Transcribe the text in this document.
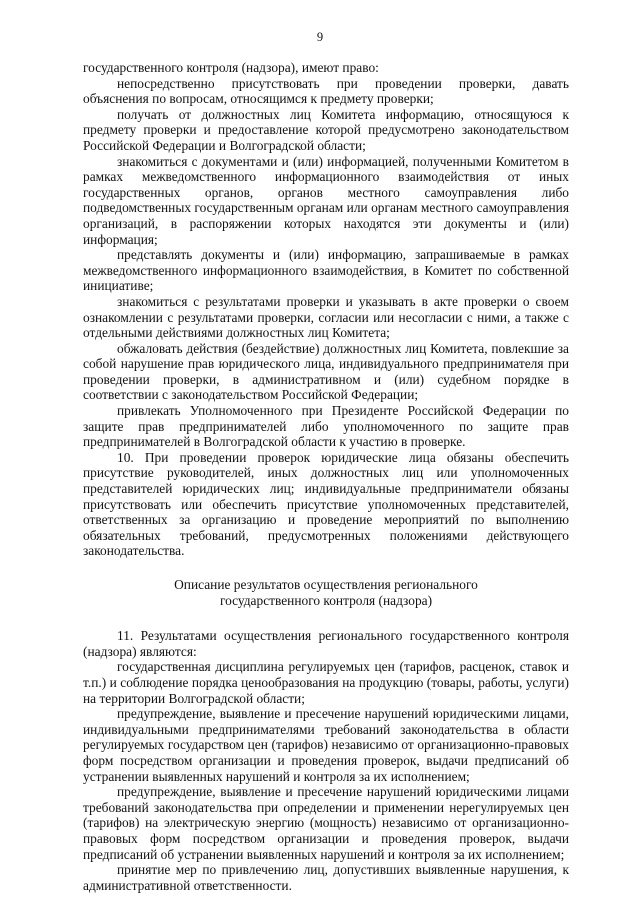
9

государственного контроля (надзора), имеют право:

непосредственно присутствовать при проведении проверки, давать объяснения по вопросам, относящимся к предмету проверки;

получать от должностных лиц Комитета информацию, относящуюся к предмету проверки и предоставление которой предусмотрено законодательством Российской Федерации и Волгоградской области;

знакомиться с документами и (или) информацией, полученными Комитетом в рамках межведомственного информационного взаимодействия от иных государственных органов, органов местного самоуправления либо подведомственных государственным органам или органам местного самоуправления организаций, в распоряжении которых находятся эти документы и (или) информация;

представлять документы и (или) информацию, запрашиваемые в рамках межведомственного информационного взаимодействия, в Комитет по собственной инициативе;

знакомиться с результатами проверки и указывать в акте проверки о своем ознакомлении с результатами проверки, согласии или несогласии с ними, а также с отдельными действиями должностных лиц Комитета;

обжаловать действия (бездействие) должностных лиц Комитета, повлекшие за собой нарушение прав юридического лица, индивидуального предпринимателя при проведении проверки, в административном и (или) судебном порядке в соответствии с законодательством Российской Федерации;

привлекать Уполномоченного при Президенте Российской Федерации по защите прав предпринимателей либо уполномоченного по защите прав предпринимателей в Волгоградской области к участию в проверке.

10. При проведении проверок юридические лица обязаны обеспечить присутствие руководителей, иных должностных лиц или уполномоченных представителей юридических лиц; индивидуальные предприниматели обязаны присутствовать или обеспечить присутствие уполномоченных представителей, ответственных за организацию и проведение мероприятий по выполнению обязательных требований, предусмотренных положениями действующего законодательства.

Описание результатов осуществления регионального государственного контроля (надзора)

11. Результатами осуществления регионального государственного контроля (надзора) являются:

государственная дисциплина регулируемых цен (тарифов, расценок, ставок и т.п.) и соблюдение порядка ценообразования на продукцию (товары, работы, услуги) на территории Волгоградской области;

предупреждение, выявление и пресечение нарушений юридическими лицами, индивидуальными предпринимателями требований законодательства в области регулируемых государством цен (тарифов) независимо от организационно-правовых форм посредством организации и проведения проверок, выдачи предписаний об устранении выявленных нарушений и контроля за их исполнением;

предупреждение, выявление и пресечение нарушений юридическими лицами требований законодательства при определении и применении нерегулируемых цен (тарифов) на электрическую энергию (мощность) независимо от организационно-правовых форм посредством организации и проведения проверок, выдачи предписаний об устранении выявленных нарушений и контроля за их исполнением;

принятие мер по привлечению лиц, допустивших выявленные нарушения, к административной ответственности.
